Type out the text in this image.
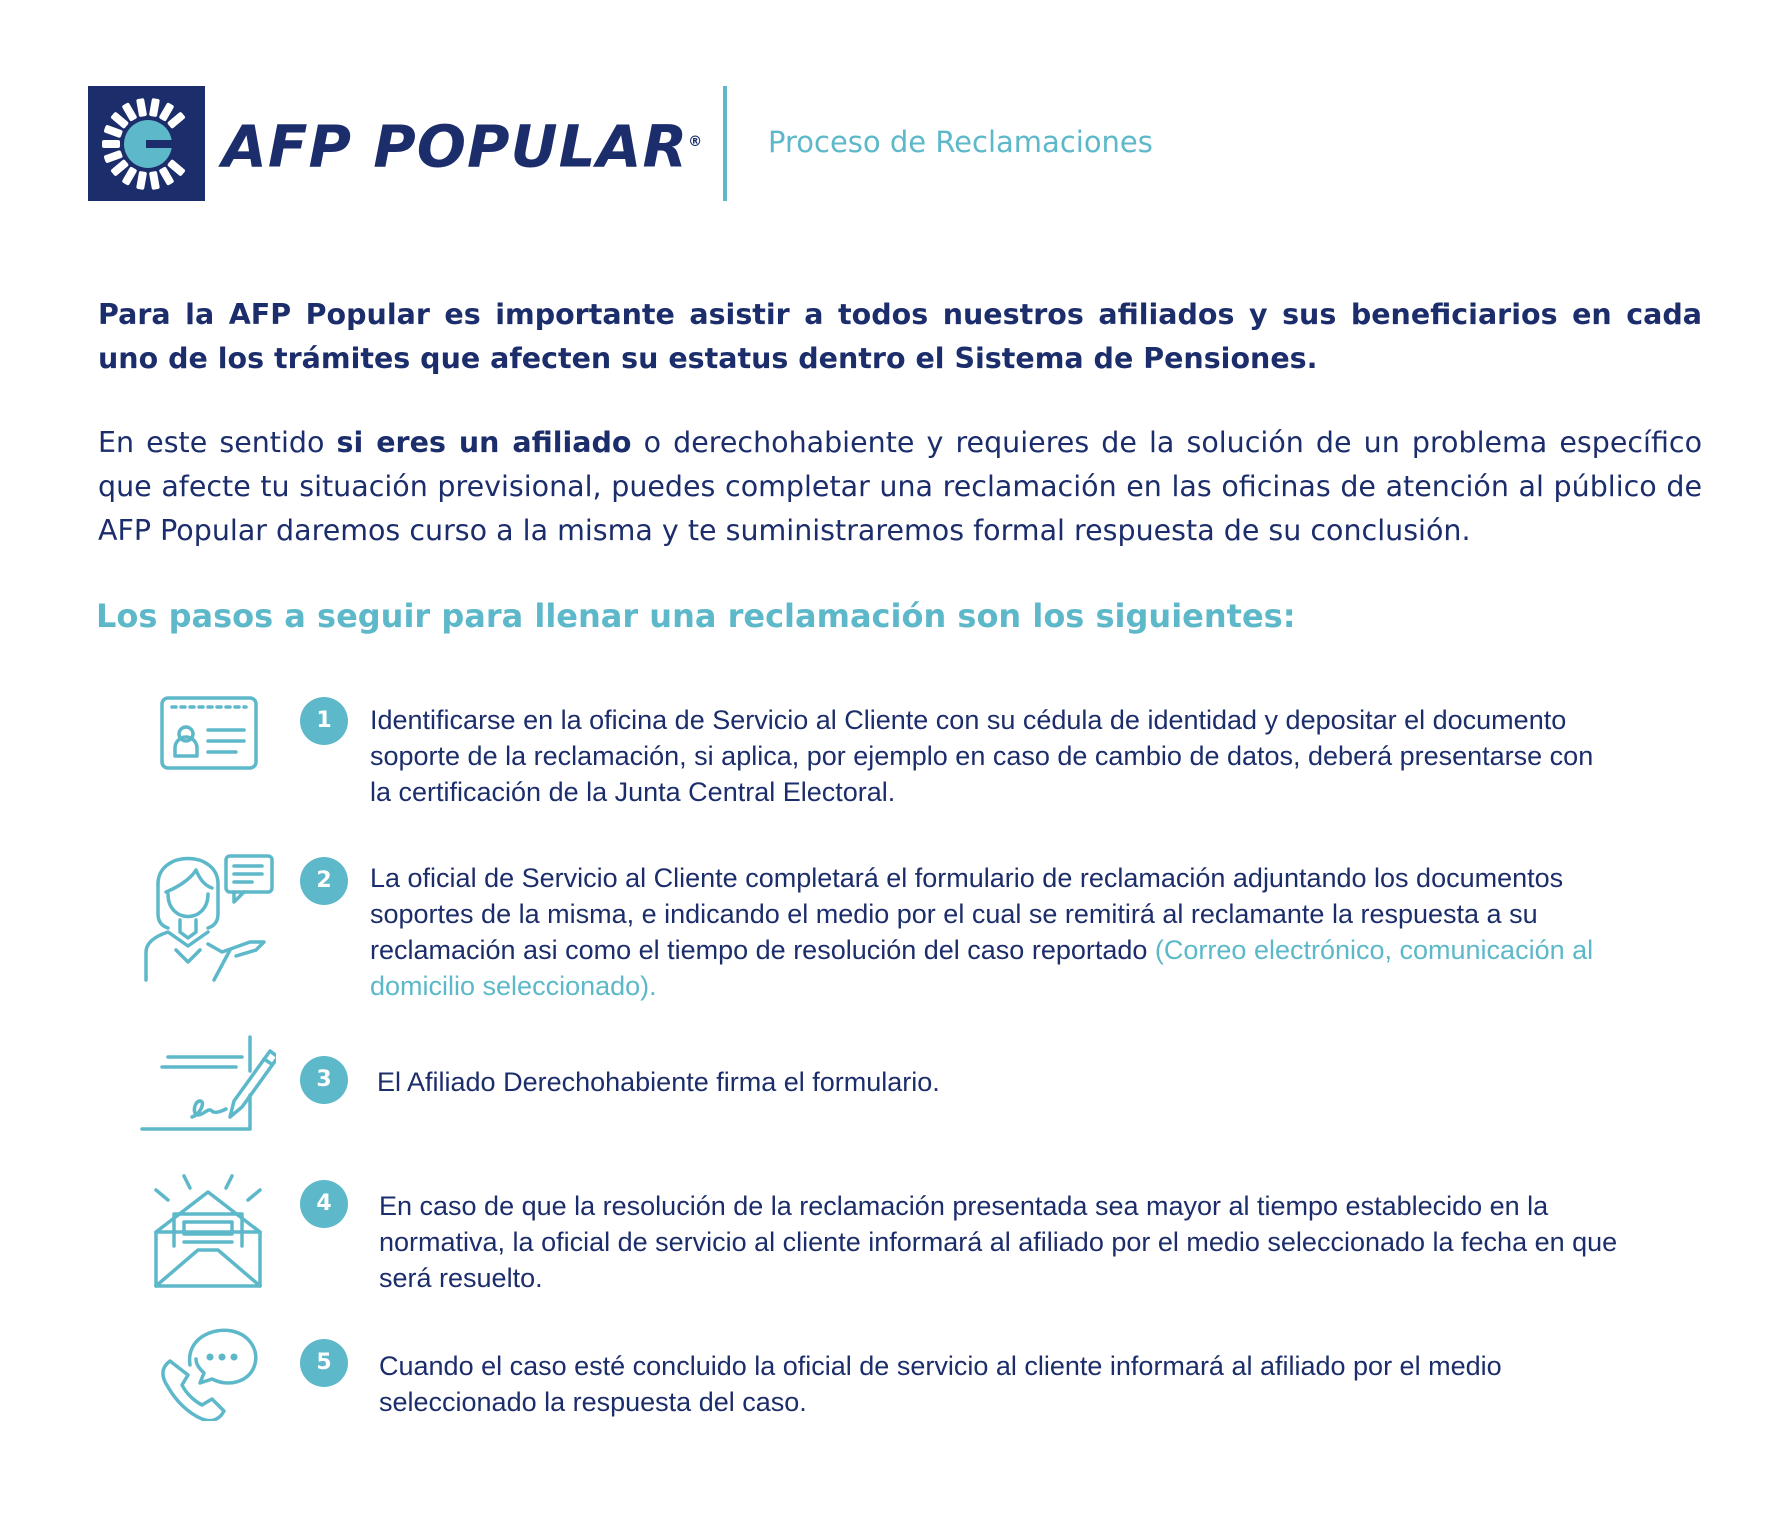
AFP POPULAR® Proceso de Reclamaciones

Para la AFP Popular es importante asistir a todos nuestros afiliados y sus beneficiarios en cada uno de los trámites que afecten su estatus dentro el Sistema de Pensiones.

En este sentido si eres un afiliado o derechohabiente y requieres de la solución de un problema específico que afecte tu situación previsional, puedes completar una reclamación en las oficinas de atención al público de AFP Popular daremos curso a la misma y te suministraremos formal respuesta de su conclusión.

Los pasos a seguir para llenar una reclamación son los siguientes:
1	Identificarse en la oficina de Servicio al Cliente con su cédula de identidad y depositar el documento soporte de la reclamación, si aplica, por ejemplo en caso de cambio de datos, deberá presentarse con la certificación de la Junta Central Electoral.

2	La oficial de Servicio al Cliente completará el formulario de reclamación adjuntando los documentos soportes de la misma, e indicando el medio por el cual se remitirá al reclamante la respuesta a su reclamación asi como el tiempo de resolución del caso reportado (Correo electrónico, comunicación al domicilio seleccionado).

3	El Afiliado Derechohabiente firma el formulario.

4	En caso de que la resolución de la reclamación presentada sea mayor al tiempo establecido en la normativa, la oficial de servicio al cliente informará al afiliado por el medio seleccionado la fecha en que será resuelto.

5	Cuando el caso esté concluido la oficial de servicio al cliente informará al afiliado por el medio seleccionado la respuesta del caso.
